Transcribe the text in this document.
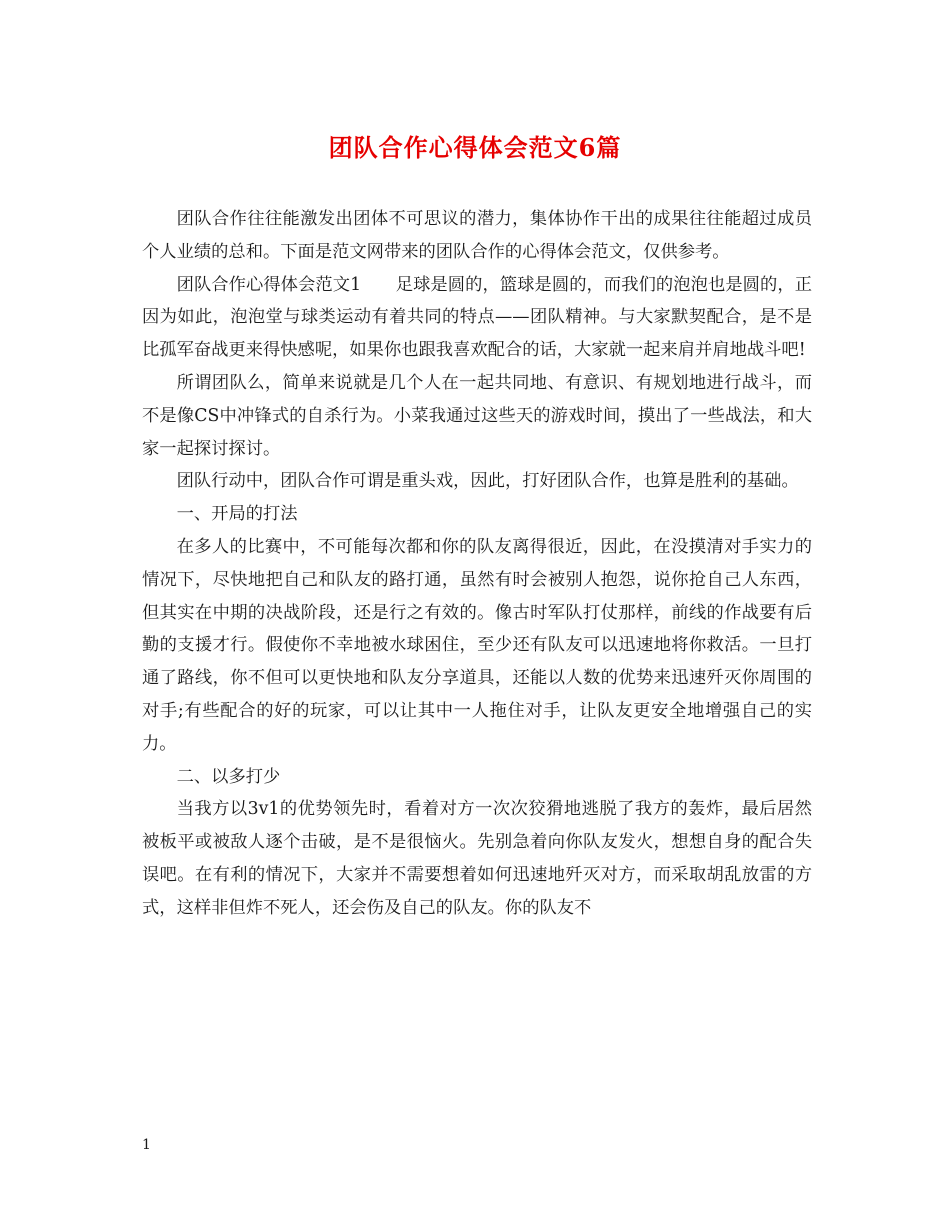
团队合作心得体会范文6篇

团队合作往往能激发出团体不可思议的潜力，集体协作干出的成果往往能超过成员个人业绩的总和。下面是范文网带来的团队合作的心得体会范文，仅供参考。

团队合作心得体会范文1 足球是圆的，篮球是圆的，而我们的泡泡也是圆的，正因为如此，泡泡堂与球类运动有着共同的特点——团队精神。与大家默契配合，是不是比孤军奋战更来得快感呢，如果你也跟我喜欢配合的话，大家就一起来肩并肩地战斗吧!

所谓团队么，简单来说就是几个人在一起共同地、有意识、有规划地进行战斗，而不是像CS中冲锋式的自杀行为。小菜我通过这些天的游戏时间，摸出了一些战法，和大家一起探讨探讨。

团队行动中，团队合作可谓是重头戏，因此，打好团队合作，也算是胜利的基础。

一、开局的打法

在多人的比赛中，不可能每次都和你的队友离得很近，因此，在没摸清对手实力的情况下，尽快地把自己和队友的路打通，虽然有时会被别人抱怨，说你抢自己人东西，但其实在中期的决战阶段，还是行之有效的。像古时军队打仗那样，前线的作战要有后勤的支援才行。假使你不幸地被水球困住，至少还有队友可以迅速地将你救活。一旦打通了路线，你不但可以更快地和队友分享道具，还能以人数的优势来迅速歼灭你周围的对手;有些配合的好的玩家，可以让其中一人拖住对手，让队友更安全地增强自己的实力。

二、以多打少

当我方以3v1的优势领先时，看着对方一次次狡猾地逃脱了我方的轰炸，最后居然被板平或被敌人逐个击破，是不是很恼火。先别急着向你队友发火，想想自身的配合失误吧。在有利的情况下，大家并不需要想着如何迅速地歼灭对方，而采取胡乱放雷的方式，这样非但炸不死人，还会伤及自己的队友。你的队友不

1
